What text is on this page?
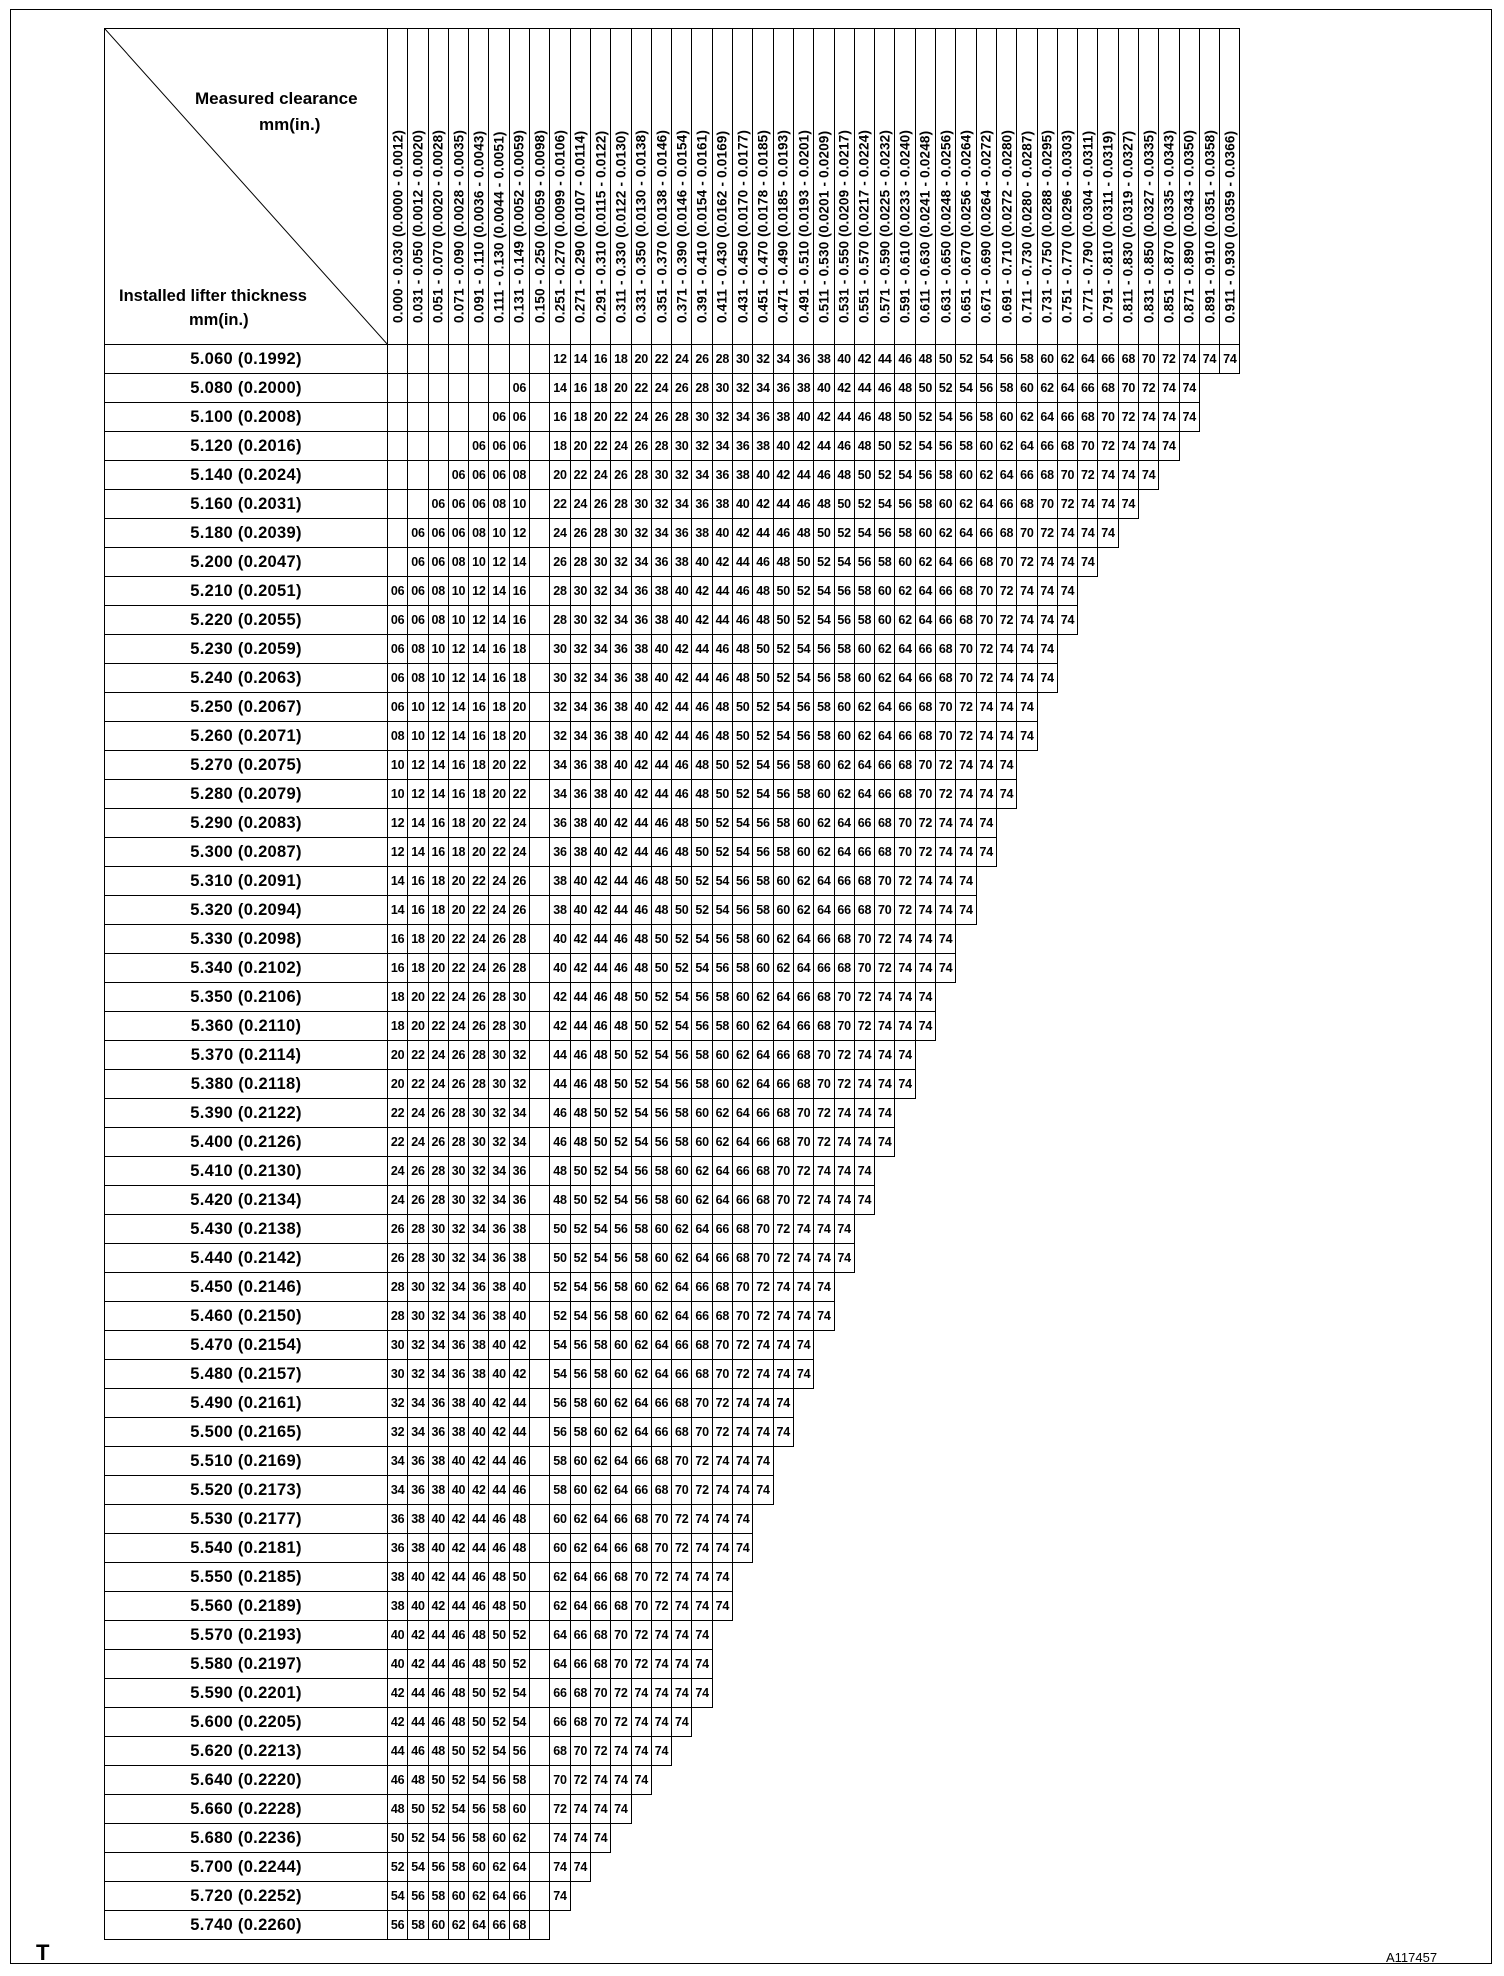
Measured clearance
mm(in.)
Installed lifter thickness
mm(in.)	0.000 - 0.030 (0.0000 - 0.0012)	0.031 - 0.050 (0.0012 - 0.0020)	0.051 - 0.070 (0.0020 - 0.0028)	0.071 - 0.090 (0.0028 - 0.0035)	0.091 - 0.110 (0.0036 - 0.0043)	0.111 - 0.130 (0.0044 - 0.0051)	0.131 - 0.149 (0.0052 - 0.0059)	0.150 - 0.250 (0.0059 - 0.0098)	0.251 - 0.270 (0.0099 - 0.0106)	0.271 - 0.290 (0.0107 - 0.0114)	0.291 - 0.310 (0.0115 - 0.0122)	0.311 - 0.330 (0.0122 - 0.0130)	0.331 - 0.350 (0.0130 - 0.0138)	0.351 - 0.370 (0.0138 - 0.0146)	0.371 - 0.390 (0.0146 - 0.0154)	0.391 - 0.410 (0.0154 - 0.0161)	0.411 - 0.430 (0.0162 - 0.0169)	0.431 - 0.450 (0.0170 - 0.0177)	0.451 - 0.470 (0.0178 - 0.0185)	0.471 - 0.490 (0.0185 - 0.0193)	0.491 - 0.510 (0.0193 - 0.0201)	0.511 - 0.530 (0.0201 - 0.0209)	0.531 - 0.550 (0.0209 - 0.0217)	0.551 - 0.570 (0.0217 - 0.0224)	0.571 - 0.590 (0.0225 - 0.0232)	0.591 - 0.610 (0.0233 - 0.0240)	0.611 - 0.630 (0.0241 - 0.0248)	0.631 - 0.650 (0.0248 - 0.0256)	0.651 - 0.670 (0.0256 - 0.0264)	0.671 - 0.690 (0.0264 - 0.0272)	0.691 - 0.710 (0.0272 - 0.0280)	0.711 - 0.730 (0.0280 - 0.0287)	0.731 - 0.750 (0.0288 - 0.0295)	0.751 - 0.770 (0.0296 - 0.0303)	0.771 - 0.790 (0.0304 - 0.0311)	0.791 - 0.810 (0.0311 - 0.0319)	0.811 - 0.830 (0.0319 - 0.0327)	0.831 - 0.850 (0.0327 - 0.0335)	0.851 - 0.870 (0.0335 - 0.0343)	0.871 - 0.890 (0.0343 - 0.0350)	0.891 - 0.910 (0.0351 - 0.0358)	0.911 - 0.930 (0.0359 - 0.0366)

5.060 (0.1992)									12	14	16	18	20	22	24	26	28	30	32	34	36	38	40	42	44	46	48	50	52	54	56	58	60	62	64	66	68	70	72	74	74	74
5.080 (0.2000)							06		14	16	18	20	22	24	26	28	30	32	34	36	38	40	42	44	46	48	50	52	54	56	58	60	62	64	66	68	70	72	74	74		
5.100 (0.2008)						06	06		16	18	20	22	24	26	28	30	32	34	36	38	40	42	44	46	48	50	52	54	56	58	60	62	64	66	68	70	72	74	74	74		
5.120 (0.2016)					06	06	06		18	20	22	24	26	28	30	32	34	36	38	40	42	44	46	48	50	52	54	56	58	60	62	64	66	68	70	72	74	74	74			
5.140 (0.2024)				06	06	06	08		20	22	24	26	28	30	32	34	36	38	40	42	44	46	48	50	52	54	56	58	60	62	64	66	68	70	72	74	74	74				
5.160 (0.2031)			06	06	06	08	10		22	24	26	28	30	32	34	36	38	40	42	44	46	48	50	52	54	56	58	60	62	64	66	68	70	72	74	74	74					
5.180 (0.2039)		06	06	06	08	10	12		24	26	28	30	32	34	36	38	40	42	44	46	48	50	52	54	56	58	60	62	64	66	68	70	72	74	74	74						
5.200 (0.2047)		06	06	08	10	12	14		26	28	30	32	34	36	38	40	42	44	46	48	50	52	54	56	58	60	62	64	66	68	70	72	74	74	74							
5.210 (0.2051)	06	06	08	10	12	14	16		28	30	32	34	36	38	40	42	44	46	48	50	52	54	56	58	60	62	64	66	68	70	72	74	74	74								
5.220 (0.2055)	06	06	08	10	12	14	16		28	30	32	34	36	38	40	42	44	46	48	50	52	54	56	58	60	62	64	66	68	70	72	74	74	74								
5.230 (0.2059)	06	08	10	12	14	16	18		30	32	34	36	38	40	42	44	46	48	50	52	54	56	58	60	62	64	66	68	70	72	74	74	74									
5.240 (0.2063)	06	08	10	12	14	16	18		30	32	34	36	38	40	42	44	46	48	50	52	54	56	58	60	62	64	66	68	70	72	74	74	74									
5.250 (0.2067)	06	10	12	14	16	18	20		32	34	36	38	40	42	44	46	48	50	52	54	56	58	60	62	64	66	68	70	72	74	74	74										
5.260 (0.2071)	08	10	12	14	16	18	20		32	34	36	38	40	42	44	46	48	50	52	54	56	58	60	62	64	66	68	70	72	74	74	74										
5.270 (0.2075)	10	12	14	16	18	20	22		34	36	38	40	42	44	46	48	50	52	54	56	58	60	62	64	66	68	70	72	74	74	74											
5.280 (0.2079)	10	12	14	16	18	20	22		34	36	38	40	42	44	46	48	50	52	54	56	58	60	62	64	66	68	70	72	74	74	74											
5.290 (0.2083)	12	14	16	18	20	22	24		36	38	40	42	44	46	48	50	52	54	56	58	60	62	64	66	68	70	72	74	74	74												
5.300 (0.2087)	12	14	16	18	20	22	24		36	38	40	42	44	46	48	50	52	54	56	58	60	62	64	66	68	70	72	74	74	74												
5.310 (0.2091)	14	16	18	20	22	24	26		38	40	42	44	46	48	50	52	54	56	58	60	62	64	66	68	70	72	74	74	74													
5.320 (0.2094)	14	16	18	20	22	24	26		38	40	42	44	46	48	50	52	54	56	58	60	62	64	66	68	70	72	74	74	74													
5.330 (0.2098)	16	18	20	22	24	26	28		40	42	44	46	48	50	52	54	56	58	60	62	64	66	68	70	72	74	74	74														
5.340 (0.2102)	16	18	20	22	24	26	28		40	42	44	46	48	50	52	54	56	58	60	62	64	66	68	70	72	74	74	74														
5.350 (0.2106)	18	20	22	24	26	28	30		42	44	46	48	50	52	54	56	58	60	62	64	66	68	70	72	74	74	74															
5.360 (0.2110)	18	20	22	24	26	28	30		42	44	46	48	50	52	54	56	58	60	62	64	66	68	70	72	74	74	74															
5.370 (0.2114)	20	22	24	26	28	30	32		44	46	48	50	52	54	56	58	60	62	64	66	68	70	72	74	74	74																
5.380 (0.2118)	20	22	24	26	28	30	32		44	46	48	50	52	54	56	58	60	62	64	66	68	70	72	74	74	74																
5.390 (0.2122)	22	24	26	28	30	32	34		46	48	50	52	54	56	58	60	62	64	66	68	70	72	74	74	74																	
5.400 (0.2126)	22	24	26	28	30	32	34		46	48	50	52	54	56	58	60	62	64	66	68	70	72	74	74	74																	
5.410 (0.2130)	24	26	28	30	32	34	36		48	50	52	54	56	58	60	62	64	66	68	70	72	74	74	74																		
5.420 (0.2134)	24	26	28	30	32	34	36		48	50	52	54	56	58	60	62	64	66	68	70	72	74	74	74																		
5.430 (0.2138)	26	28	30	32	34	36	38		50	52	54	56	58	60	62	64	66	68	70	72	74	74	74																			
5.440 (0.2142)	26	28	30	32	34	36	38		50	52	54	56	58	60	62	64	66	68	70	72	74	74	74																			
5.450 (0.2146)	28	30	32	34	36	38	40		52	54	56	58	60	62	64	66	68	70	72	74	74	74																				
5.460 (0.2150)	28	30	32	34	36	38	40		52	54	56	58	60	62	64	66	68	70	72	74	74	74																				
5.470 (0.2154)	30	32	34	36	38	40	42		54	56	58	60	62	64	66	68	70	72	74	74	74																					
5.480 (0.2157)	30	32	34	36	38	40	42		54	56	58	60	62	64	66	68	70	72	74	74	74																					
5.490 (0.2161)	32	34	36	38	40	42	44		56	58	60	62	64	66	68	70	72	74	74	74																						
5.500 (0.2165)	32	34	36	38	40	42	44		56	58	60	62	64	66	68	70	72	74	74	74																						
5.510 (0.2169)	34	36	38	40	42	44	46		58	60	62	64	66	68	70	72	74	74	74																							
5.520 (0.2173)	34	36	38	40	42	44	46		58	60	62	64	66	68	70	72	74	74	74																							
5.530 (0.2177)	36	38	40	42	44	46	48		60	62	64	66	68	70	72	74	74	74																								
5.540 (0.2181)	36	38	40	42	44	46	48		60	62	64	66	68	70	72	74	74	74																								
5.550 (0.2185)	38	40	42	44	46	48	50		62	64	66	68	70	72	74	74	74																									
5.560 (0.2189)	38	40	42	44	46	48	50		62	64	66	68	70	72	74	74	74																									
5.570 (0.2193)	40	42	44	46	48	50	52		64	66	68	70	72	74	74	74																										
5.580 (0.2197)	40	42	44	46	48	50	52		64	66	68	70	72	74	74	74																										
5.590 (0.2201)	42	44	46	48	50	52	54		66	68	70	72	74	74	74	74																										
5.600 (0.2205)	42	44	46	48	50	52	54		66	68	70	72	74	74	74																											
5.620 (0.2213)	44	46	48	50	52	54	56		68	70	72	74	74	74																												
5.640 (0.2220)	46	48	50	52	54	56	58		70	72	74	74	74																													
5.660 (0.2228)	48	50	52	54	56	58	60		72	74	74	74																														
5.680 (0.2236)	50	52	54	56	58	60	62		74	74	74																															
5.700 (0.2244)	52	54	56	58	60	62	64		74	74																																
5.720 (0.2252)	54	56	58	60	62	64	66		74																																	
5.740 (0.2260)	56	58	60	62	64	66	68																																			
T	A117457
